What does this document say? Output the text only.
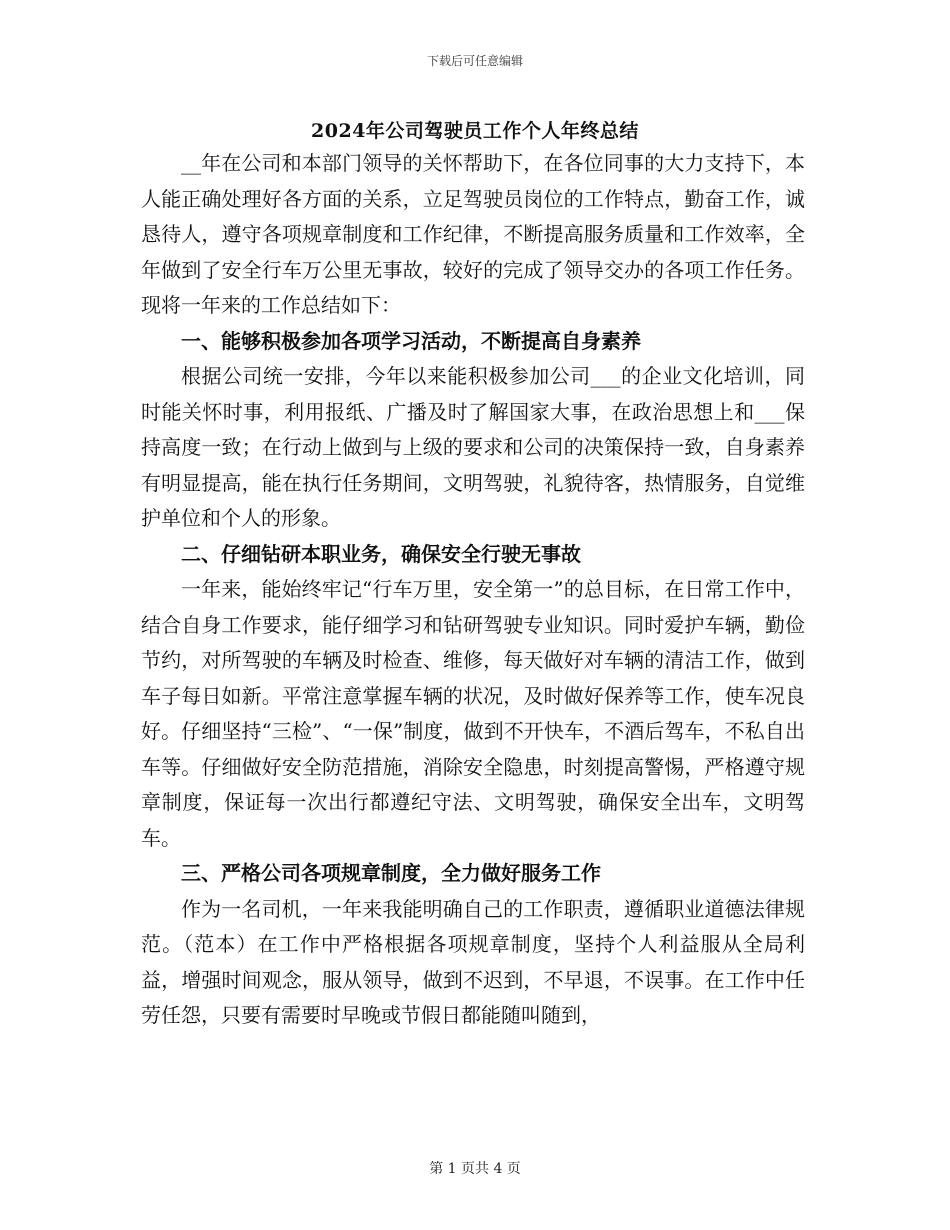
下载后可任意编辑
2024年公司驾驶员工作个人年终总结

__年在公司和本部门领导的关怀帮助下，在各位同事的大力支持下，本人能正确处理好各方面的关系，立足驾驶员岗位的工作特点，勤奋工作，诚恳待人，遵守各项规章制度和工作纪律，不断提高服务质量和工作效率，全年做到了安全行车万公里无事故，较好的完成了领导交办的各项工作任务。现将一年来的工作总结如下：

一、能够积极参加各项学习活动，不断提高自身素养

根据公司统一安排，今年以来能积极参加公司___的企业文化培训，同时能关怀时事，利用报纸、广播及时了解国家大事，在政治思想上和___保持高度一致；在行动上做到与上级的要求和公司的决策保持一致，自身素养有明显提高，能在执行任务期间，文明驾驶，礼貌待客，热情服务，自觉维护单位和个人的形象。

二、仔细钻研本职业务，确保安全行驶无事故

一年来，能始终牢记“行车万里，安全第一”的总目标，在日常工作中，结合自身工作要求，能仔细学习和钻研驾驶专业知识。同时爱护车辆，勤俭节约，对所驾驶的车辆及时检查、维修，每天做好对车辆的清洁工作，做到车子每日如新。平常注意掌握车辆的状况，及时做好保养等工作，使车况良好。仔细坚持“三检”、“一保”制度，做到不开快车，不酒后驾车，不私自出车等。仔细做好安全防范措施，消除安全隐患，时刻提高警惕，严格遵守规章制度，保证每一次出行都遵纪守法、文明驾驶，确保安全出车，文明驾车。

三、严格公司各项规章制度，全力做好服务工作

作为一名司机，一年来我能明确自己的工作职责，遵循职业道德法律规范。（范本）在工作中严格根据各项规章制度，坚持个人利益服从全局利益，增强时间观念，服从领导，做到不迟到，不早退，不误事。在工作中任劳任怨，只要有需要时早晚或节假日都能随叫随到，

第 1 页共 4 页
